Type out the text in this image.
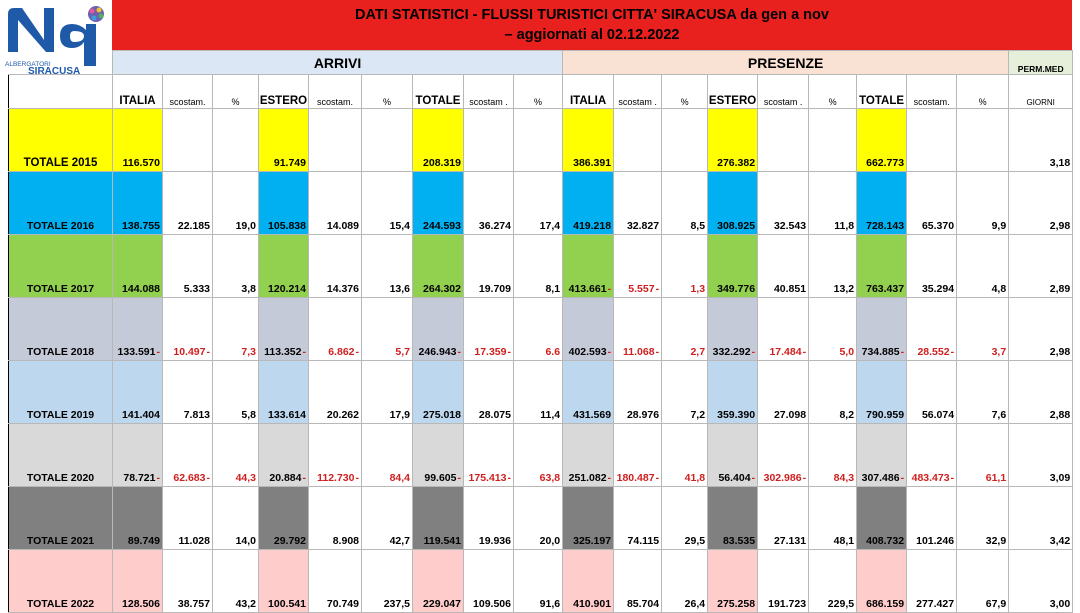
ALBERGATORI
SIRACUSA
DATI STATISTICI - FLUSSI TURISTICI CITTA' SIRACUSA da gen a nov
– aggiornati al 02.12.2022
	ARRIVI									PRESENZE									PERM.MED
	ITALIA	scostam.	%	ESTERO	scostam.	%	TOTALE	scostam .	%	ITALIA	scostam .	%	ESTERO	scostam .	%	TOTALE	scostam.	%	GIORNI
TOTALE 2015	116.570			91.749			208.319			386.391			276.382			662.773			3,18
TOTALE 2016	138.755	22.185	19,0	105.838	14.089	15,4	244.593	36.274	17,4	419.218	32.827	8,5	308.925	32.543	11,8	728.143	65.370	9,9	2,98
TOTALE 2017	144.088	5.333	3,8	120.214	14.376	13,6	264.302	19.709	8,1	413.661-	5.557-	1,3	349.776	40.851	13,2	763.437	35.294	4,8	2,89
TOTALE 2018	133.591-	10.497-	7,3	113.352-	6.862-	5,7	246.943-	17.359-	6.6	402.593-	11.068-	2,7	332.292-	17.484-	5,0	734.885-	28.552-	3,7	2,98
TOTALE 2019	141.404	7.813	5,8	133.614	20.262	17,9	275.018	28.075	11,4	431.569	28.976	7,2	359.390	27.098	8,2	790.959	56.074	7,6	2,88
TOTALE 2020	78.721-	62.683-	44,3	20.884-	112.730-	84,4	99.605-	175.413-	63,8	251.082-	180.487-	41,8	56.404-	302.986-	84,3	307.486-	483.473-	61,1	3,09
TOTALE 2021	89.749	11.028	14,0	29.792	8.908	42,7	119.541	19.936	20,0	325.197	74.115	29,5	83.535	27.131	48,1	408.732	101.246	32,9	3,42
TOTALE 2022	128.506	38.757	43,2	100.541	70.749	237,5	229.047	109.506	91,6	410.901	85.704	26,4	275.258	191.723	229,5	686.159	277.427	67,9	3,00
